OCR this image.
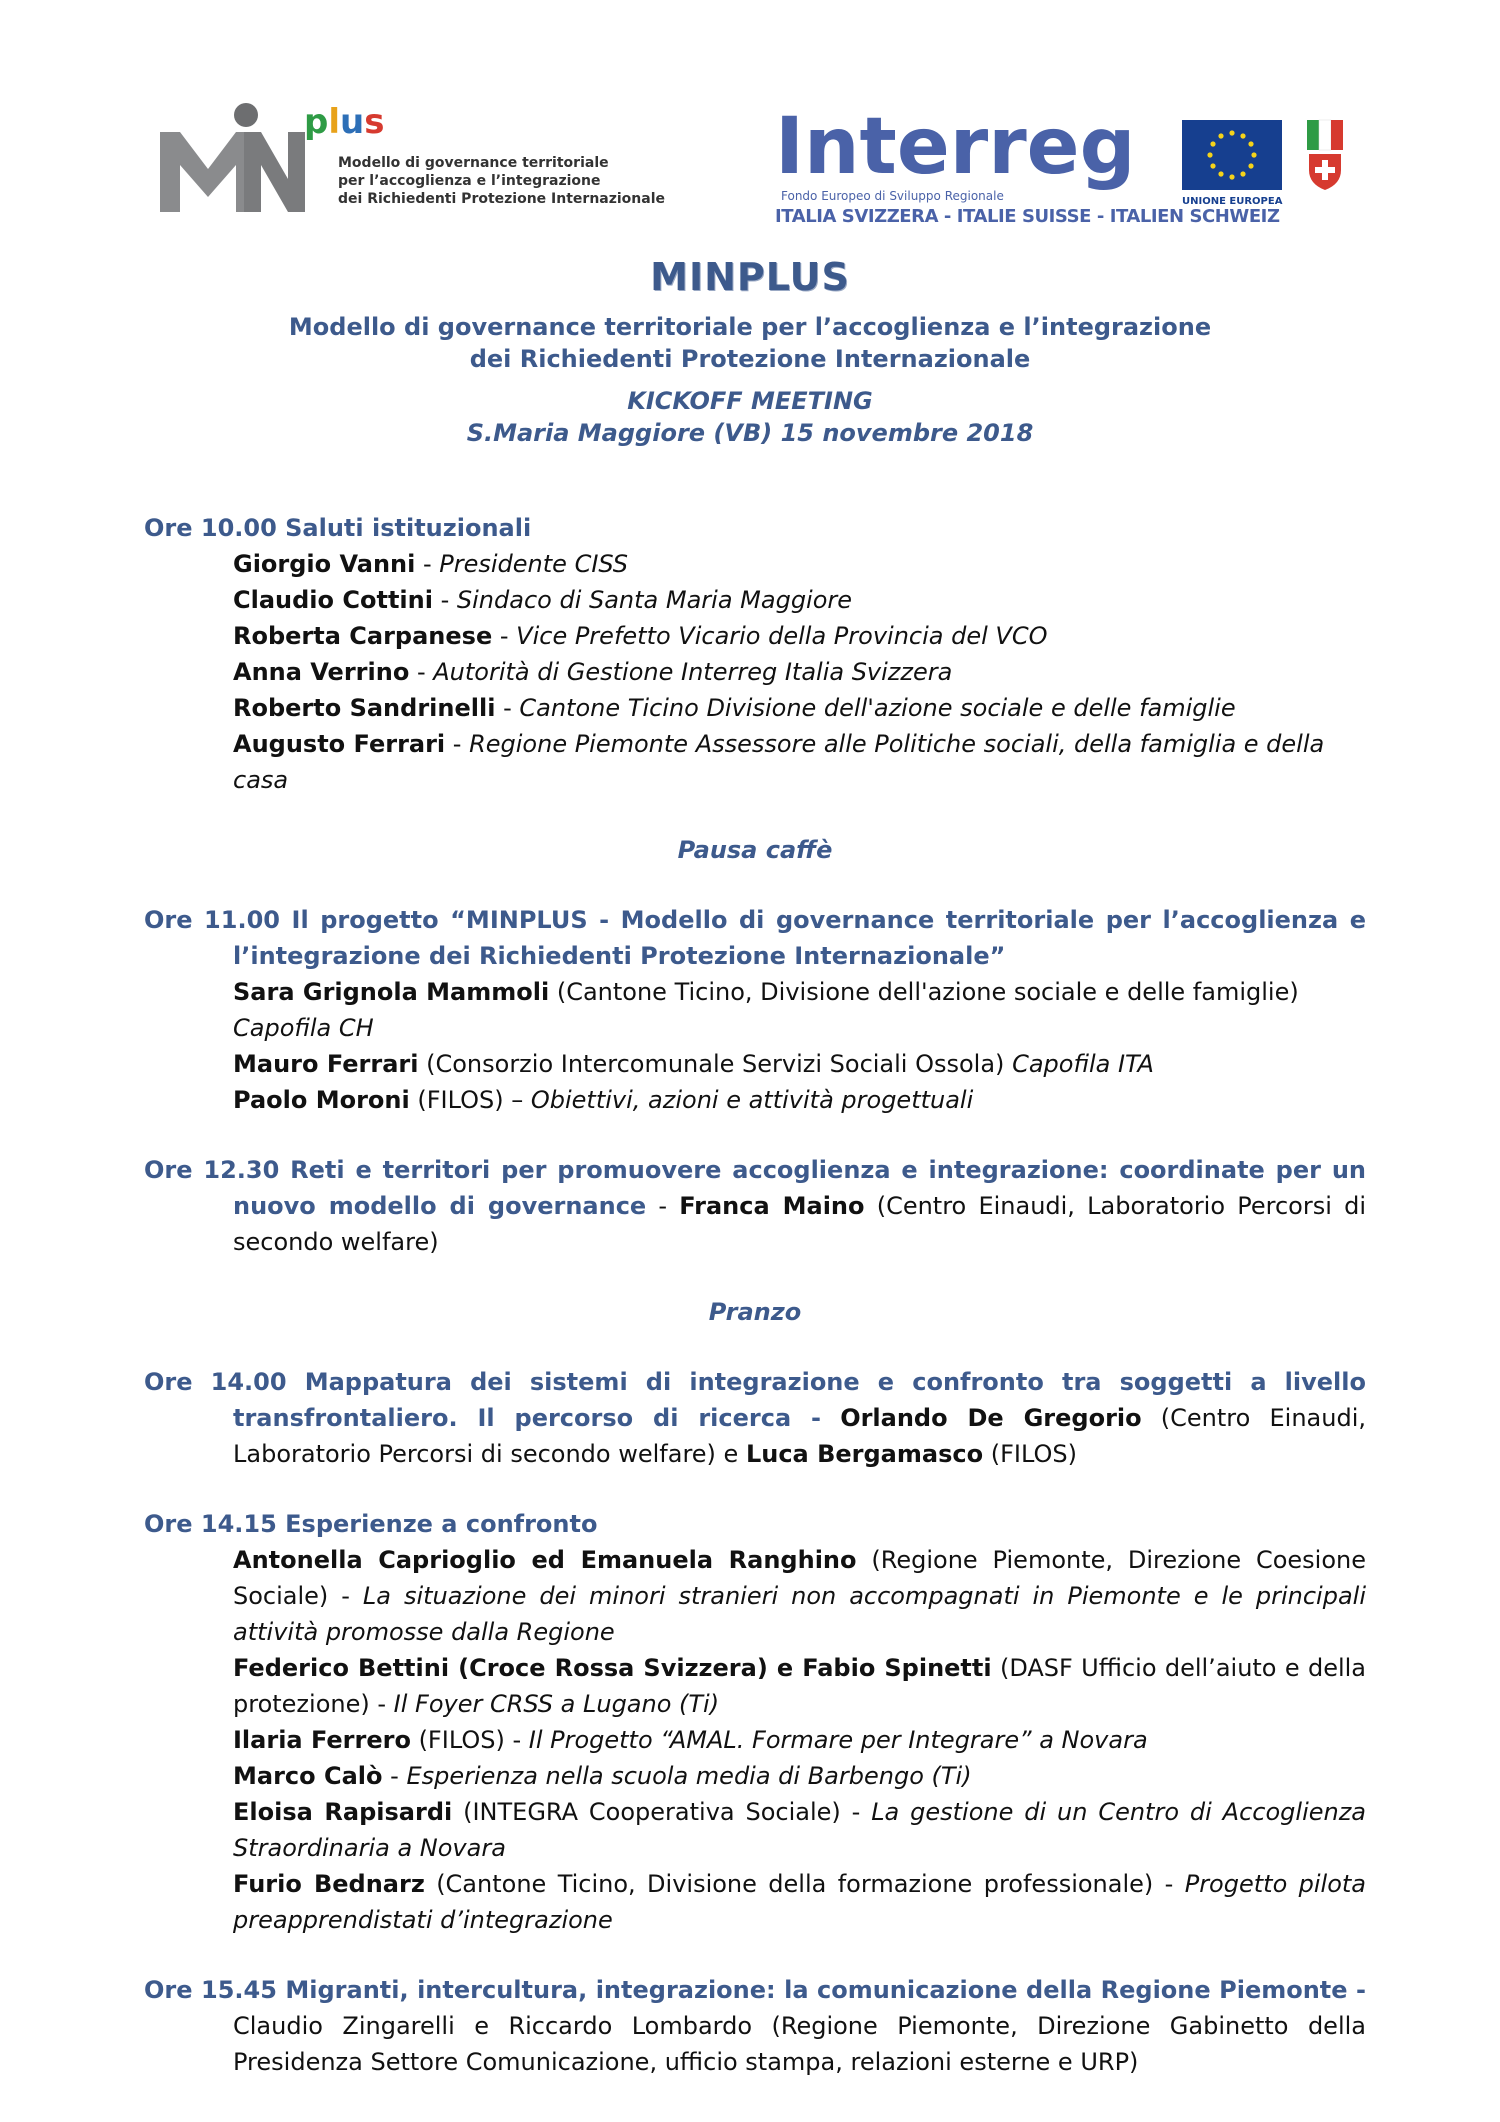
plus
Modello di governance territoriale
per l’accoglienza e l’integrazione
dei Richiedenti Protezione Internazionale
Interreg
Fondo Europeo di Sviluppo Regionale	UNIONE EUROPEA
ITALIA SVIZZERA - ITALIE SUISSE - ITALIEN SCHWEIZ
MINPLUS
Modello di governance territoriale per l’accoglienza e l’integrazione
dei Richiedenti Protezione Internazionale
KICKOFF MEETING
S.Maria Maggiore (VB) 15 novembre 2018
Ore 10.00 Saluti istituzionali
Giorgio Vanni - Presidente CISS
Claudio Cottini - Sindaco di Santa Maria Maggiore
Roberta Carpanese - Vice Prefetto Vicario della Provincia del VCO
Anna Verrino - Autorità di Gestione Interreg Italia Svizzera
Roberto Sandrinelli - Cantone Ticino Divisione dell'azione sociale e delle famiglie
Augusto Ferrari - Regione Piemonte Assessore alle Politiche sociali, della famiglia e della casa
Pausa caffè
Ore 11.00 Il progetto “MINPLUS - Modello di governance territoriale per l’accoglienza e l’integrazione dei Richiedenti Protezione Internazionale”
Sara Grignola Mammoli (Cantone Ticino, Divisione dell'azione sociale e delle famiglie) Capofila CH
Mauro Ferrari (Consorzio Intercomunale Servizi Sociali Ossola) Capofila ITA
Paolo Moroni (FILOS) – Obiettivi, azioni e attività progettuali
Ore 12.30 Reti e territori per promuovere accoglienza e integrazione: coordinate per un nuovo modello di governance - Franca Maino (Centro Einaudi, Laboratorio Percorsi di secondo welfare)
Pranzo
Ore 14.00 Mappatura dei sistemi di integrazione e confronto tra soggetti a livello transfrontaliero. Il percorso di ricerca - Orlando De Gregorio (Centro Einaudi, Laboratorio Percorsi di secondo welfare) e Luca Bergamasco (FILOS)
Ore 14.15 Esperienze a confronto
Antonella Caprioglio ed Emanuela Ranghino (Regione Piemonte, Direzione Coesione Sociale) - La situazione dei minori stranieri non accompagnati in Piemonte e le principali attività promosse dalla Regione
Federico Bettini (Croce Rossa Svizzera) e Fabio Spinetti (DASF Ufficio dell’aiuto e della protezione) - Il Foyer CRSS a Lugano (Ti)
Ilaria Ferrero (FILOS) - Il Progetto “AMAL. Formare per Integrare” a Novara
Marco Calò - Esperienza nella scuola media di Barbengo (Ti)
Eloisa Rapisardi (INTEGRA Cooperativa Sociale) - La gestione di un Centro di Accoglienza Straordinaria a Novara
Furio Bednarz (Cantone Ticino, Divisione della formazione professionale) - Progetto pilota preapprendistati d’integrazione
Ore 15.45 Migranti, intercultura, integrazione: la comunicazione della Regione Piemonte - Claudio Zingarelli e Riccardo Lombardo (Regione Piemonte, Direzione Gabinetto della Presidenza Settore Comunicazione, ufficio stampa, relazioni esterne e URP)
